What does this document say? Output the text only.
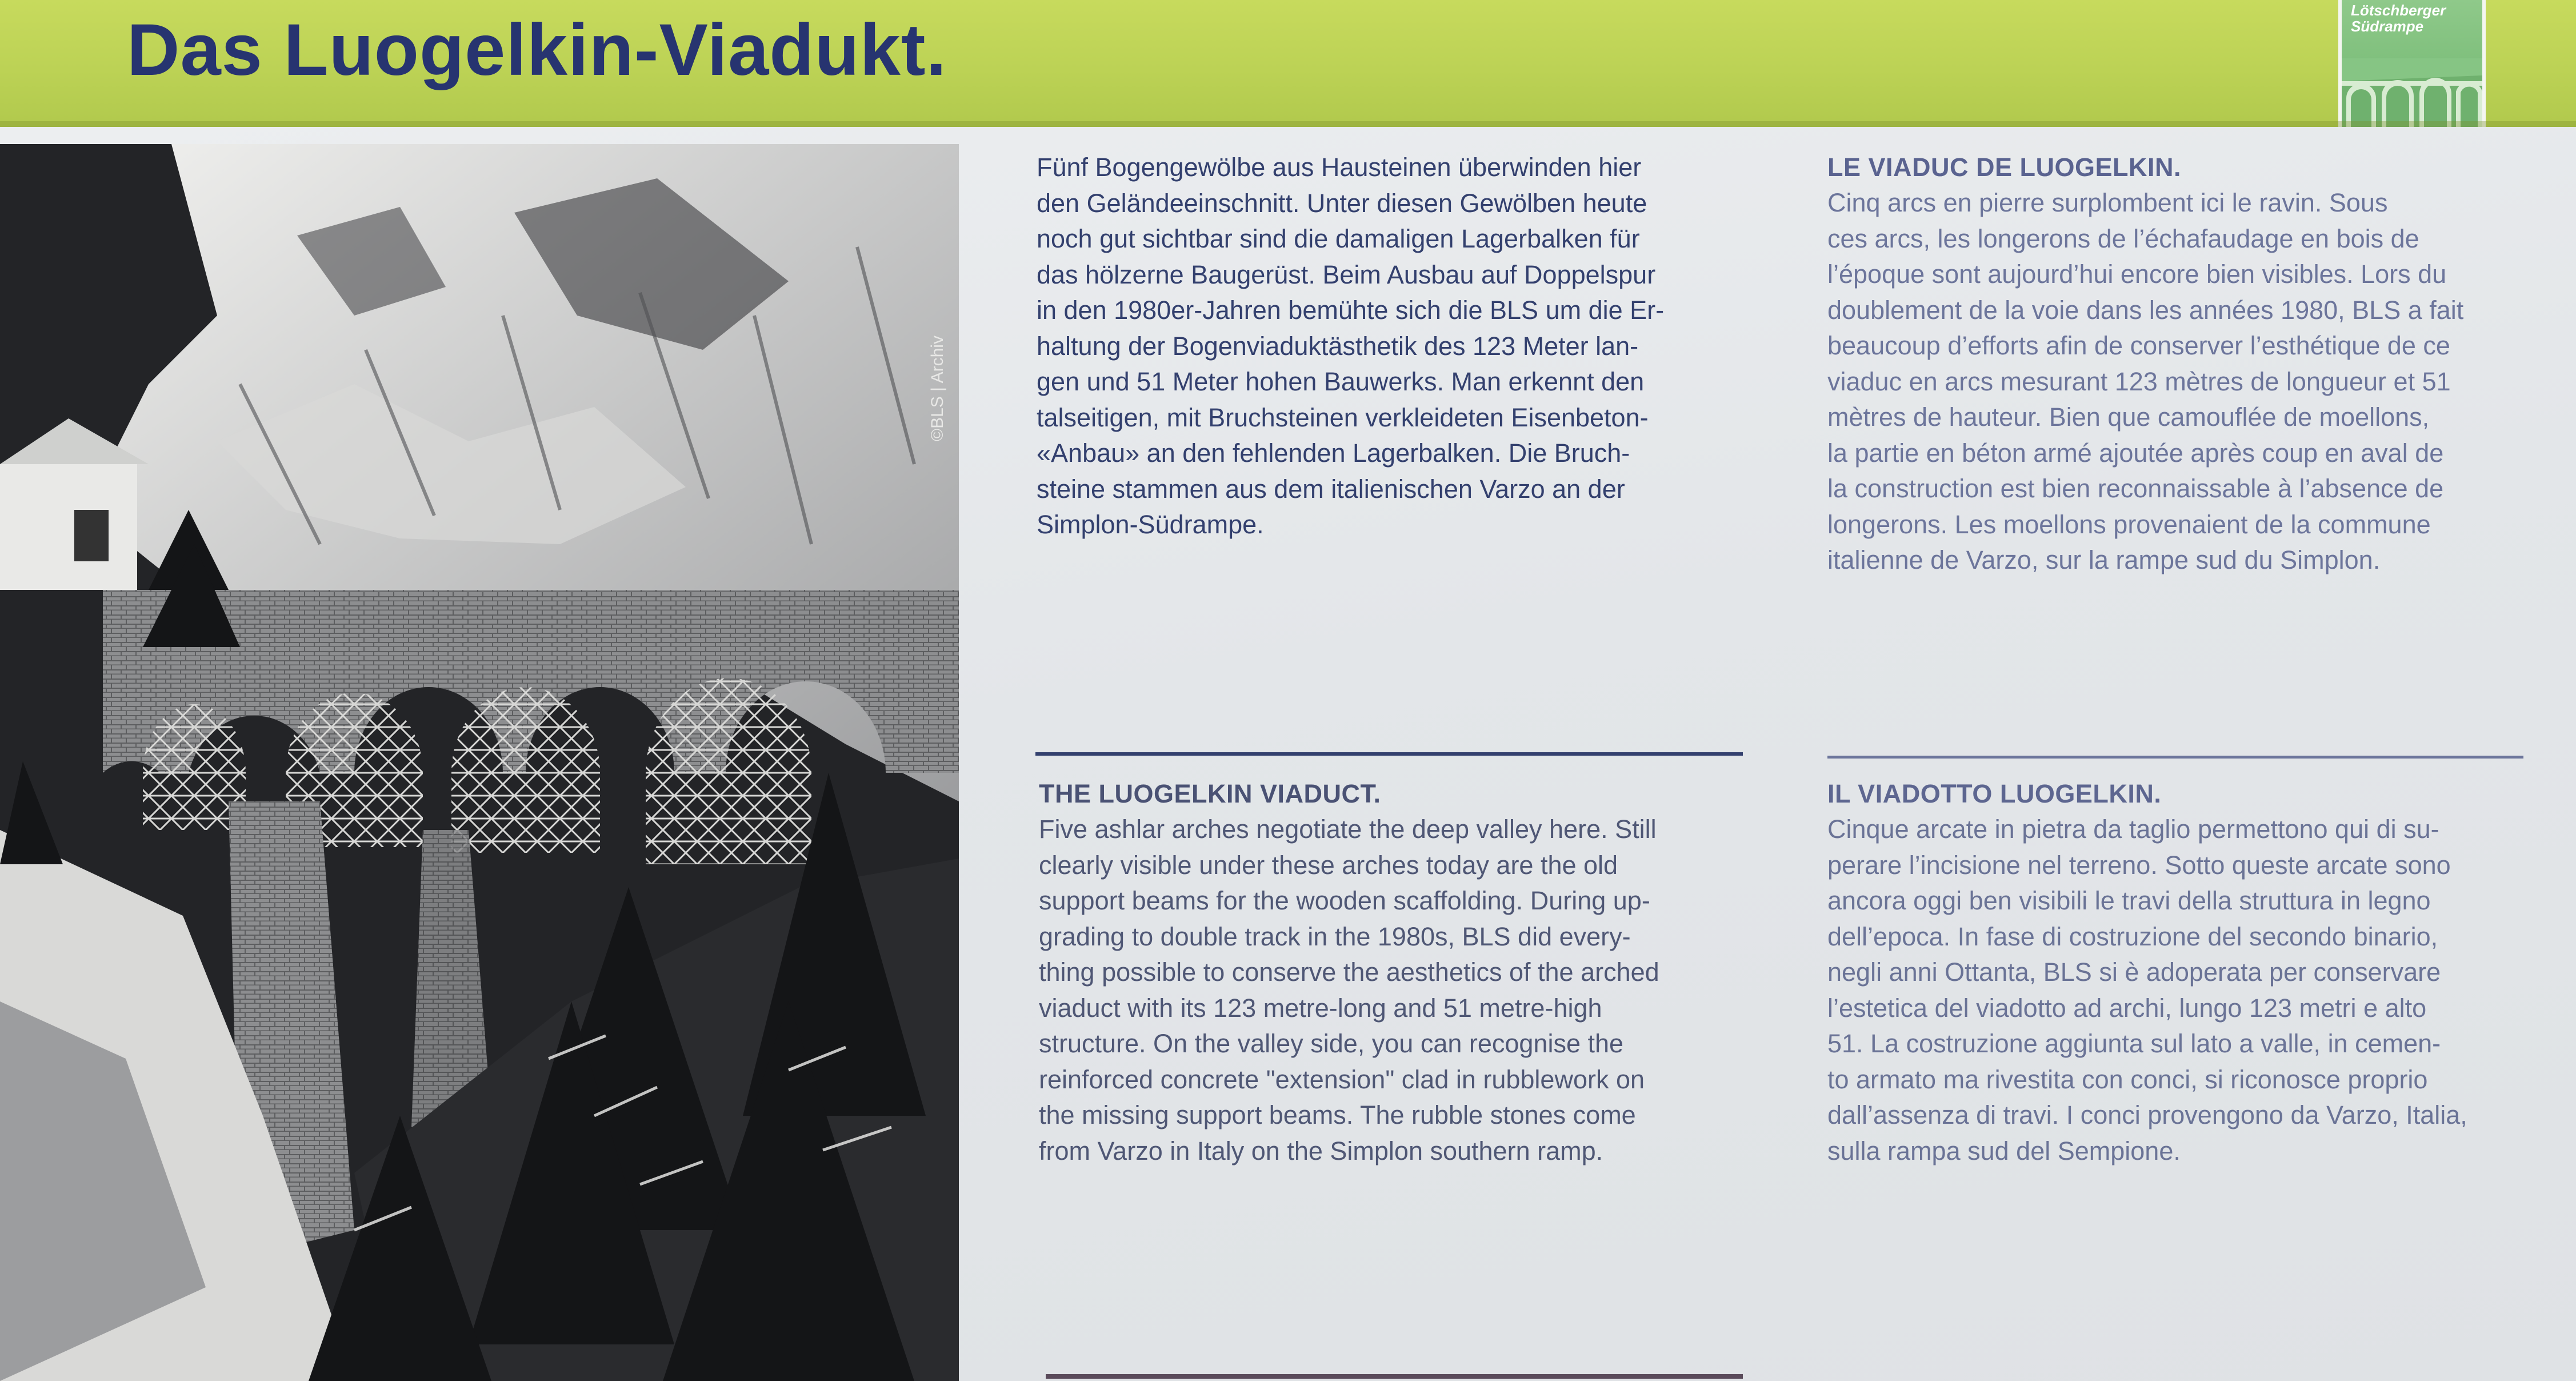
Das Luogelkin-Viadukt.	Lötschberger
Südrampe
©BLS | Archiv
Fünf Bogengewölbe aus Hausteinen überwinden hier
den Geländeeinschnitt. Unter diesen Gewölben heute
noch gut sichtbar sind die damaligen Lagerbalken für
das hölzerne Baugerüst. Beim Ausbau auf Doppelspur
in den 1980er-Jahren bemühte sich die BLS um die Er-
haltung der Bogenviaduktästhetik des 123 Meter lan-
gen und 51 Meter hohen Bauwerks. Man erkennt den
talseitigen, mit Bruchsteinen verkleideten Eisenbeton-
«Anbau» an den fehlenden Lagerbalken. Die Bruch-
steine stammen aus dem italienischen Varzo an der
Simplon-Südrampe.
LE VIADUC DE LUOGELKIN.
Cinq arcs en pierre surplombent ici le ravin. Sous
ces arcs, les longerons de l’échafaudage en bois de
l’époque sont aujourd’hui encore bien visibles. Lors du
doublement de la voie dans les années 1980, BLS a fait
beaucoup d’efforts afin de conserver l’esthétique de ce
viaduc en arcs mesurant 123 mètres de longueur et 51
mètres de hauteur. Bien que camouflée de moellons,
la partie en béton armé ajoutée après coup en aval de
la construction est bien reconnaissable à l’absence de
longerons. Les moellons provenaient de la commune
italienne de Varzo, sur la rampe sud du Simplon.
THE LUOGELKIN VIADUCT.
Five ashlar arches negotiate the deep valley here. Still
clearly visible under these arches today are the old
support beams for the wooden scaffolding. During up-
grading to double track in the 1980s, BLS did every-
thing possible to conserve the aesthetics of the arched
viaduct with its 123 metre-long and 51 metre-high
structure. On the valley side, you can recognise the
reinforced concrete "extension" clad in rubblework on
the missing support beams. The rubble stones come
from Varzo in Italy on the Simplon southern ramp.
IL VIADOTTO LUOGELKIN.
Cinque arcate in pietra da taglio permettono qui di su-
perare l’incisione nel terreno. Sotto queste arcate sono
ancora oggi ben visibili le travi della struttura in legno
dell’epoca. In fase di costruzione del secondo binario,
negli anni Ottanta, BLS si è adoperata per conservare
l’estetica del viadotto ad archi, lungo 123 metri e alto
51. La costruzione aggiunta sul lato a valle, in cemen-
to armato ma rivestita con conci, si riconosce proprio
dall’assenza di travi. I conci provengono da Varzo, Italia,
sulla rampa sud del Sempione.
